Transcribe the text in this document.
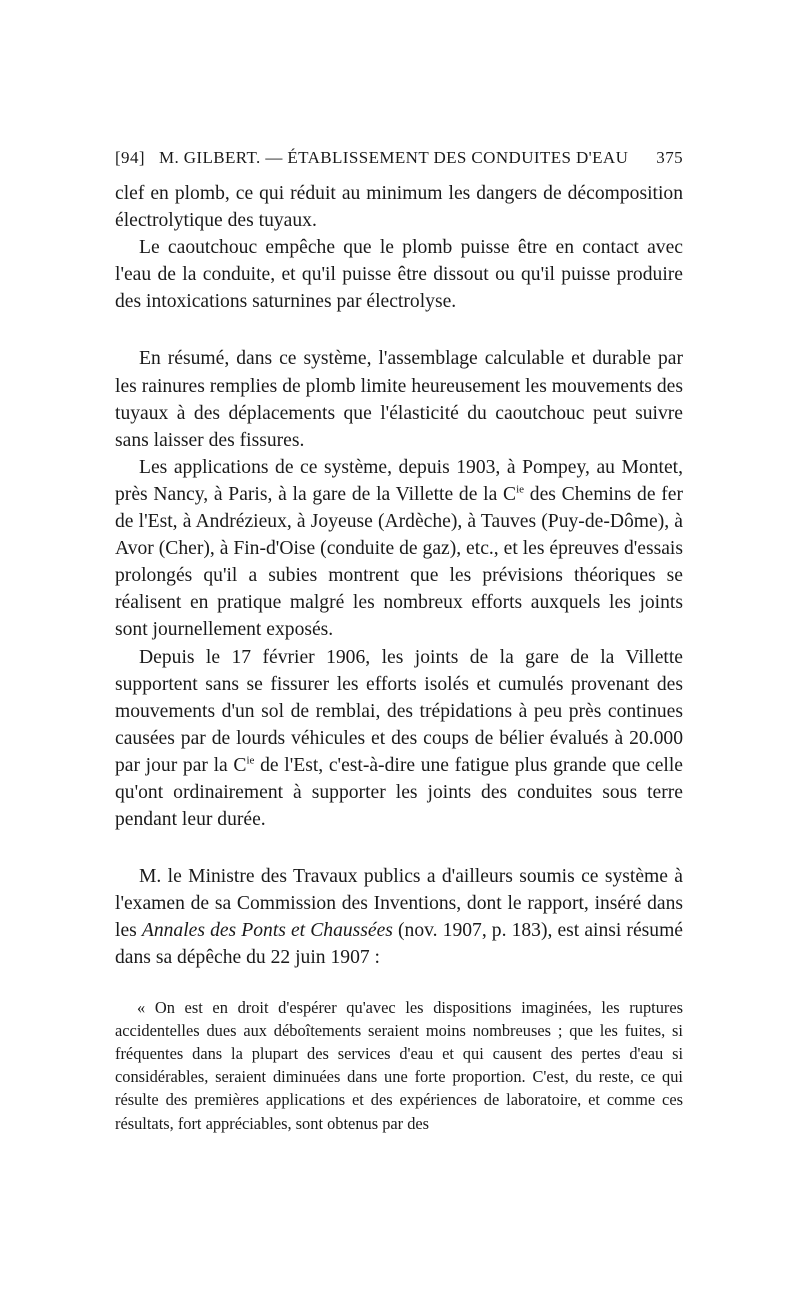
[94] M. GILBERT. — ÉTABLISSEMENT DES CONDUITES D'EAU	375

clef en plomb, ce qui réduit au minimum les dangers de décomposition électrolytique des tuyaux.

Le caoutchouc empêche que le plomb puisse être en contact avec l'eau de la conduite, et qu'il puisse être dissout ou qu'il puisse produire des intoxications saturnines par électrolyse.

En résumé, dans ce système, l'assemblage calculable et durable par les rainures remplies de plomb limite heureusement les mouvements des tuyaux à des déplacements que l'élasticité du caoutchouc peut suivre sans laisser des fissures.

Les applications de ce système, depuis 1903, à Pompey, au Montet, près Nancy, à Paris, à la gare de la Villette de la $C^{ie}$ des Chemins de fer de l'Est, à Andrézieux, à Joyeuse (Ardèche), à Tauves (Puy-de-Dôme), à Avor (Cher), à Fin-d'Oise (conduite de gaz), etc., et les épreuves d'essais prolongés qu'il a subies montrent que les prévisions théoriques se réalisent en pratique malgré les nombreux efforts auxquels les joints sont journellement exposés.

Depuis le 17 février 1906, les joints de la gare de la Villette supportent sans se fissurer les efforts isolés et cumulés provenant des mouvements d'un sol de remblai, des trépidations à peu près continues causées par de lourds véhicules et des coups de bélier évalués à 20.000 par jour par la $C^{ie}$ de l'Est, c'est-à-dire une fatigue plus grande que celle qu'ont ordinairement à supporter les joints des conduites sous terre pendant leur durée.

M. le Ministre des Travaux publics a d'ailleurs soumis ce système à l'examen de sa Commission des Inventions, dont le rapport, inséré dans les Annales des Ponts et Chaussées (nov. 1907, p. 183), est ainsi résumé dans sa dépêche du 22 juin 1907 :

« On est en droit d'espérer qu'avec les dispositions imaginées, les ruptures accidentelles dues aux déboîtements seraient moins nombreuses ; que les fuites, si fréquentes dans la plupart des services d'eau et qui causent des pertes d'eau si considérables, seraient diminuées dans une forte proportion. C'est, du reste, ce qui résulte des premières applications et des expériences de laboratoire, et comme ces résultats, fort appréciables, sont obtenus par des
